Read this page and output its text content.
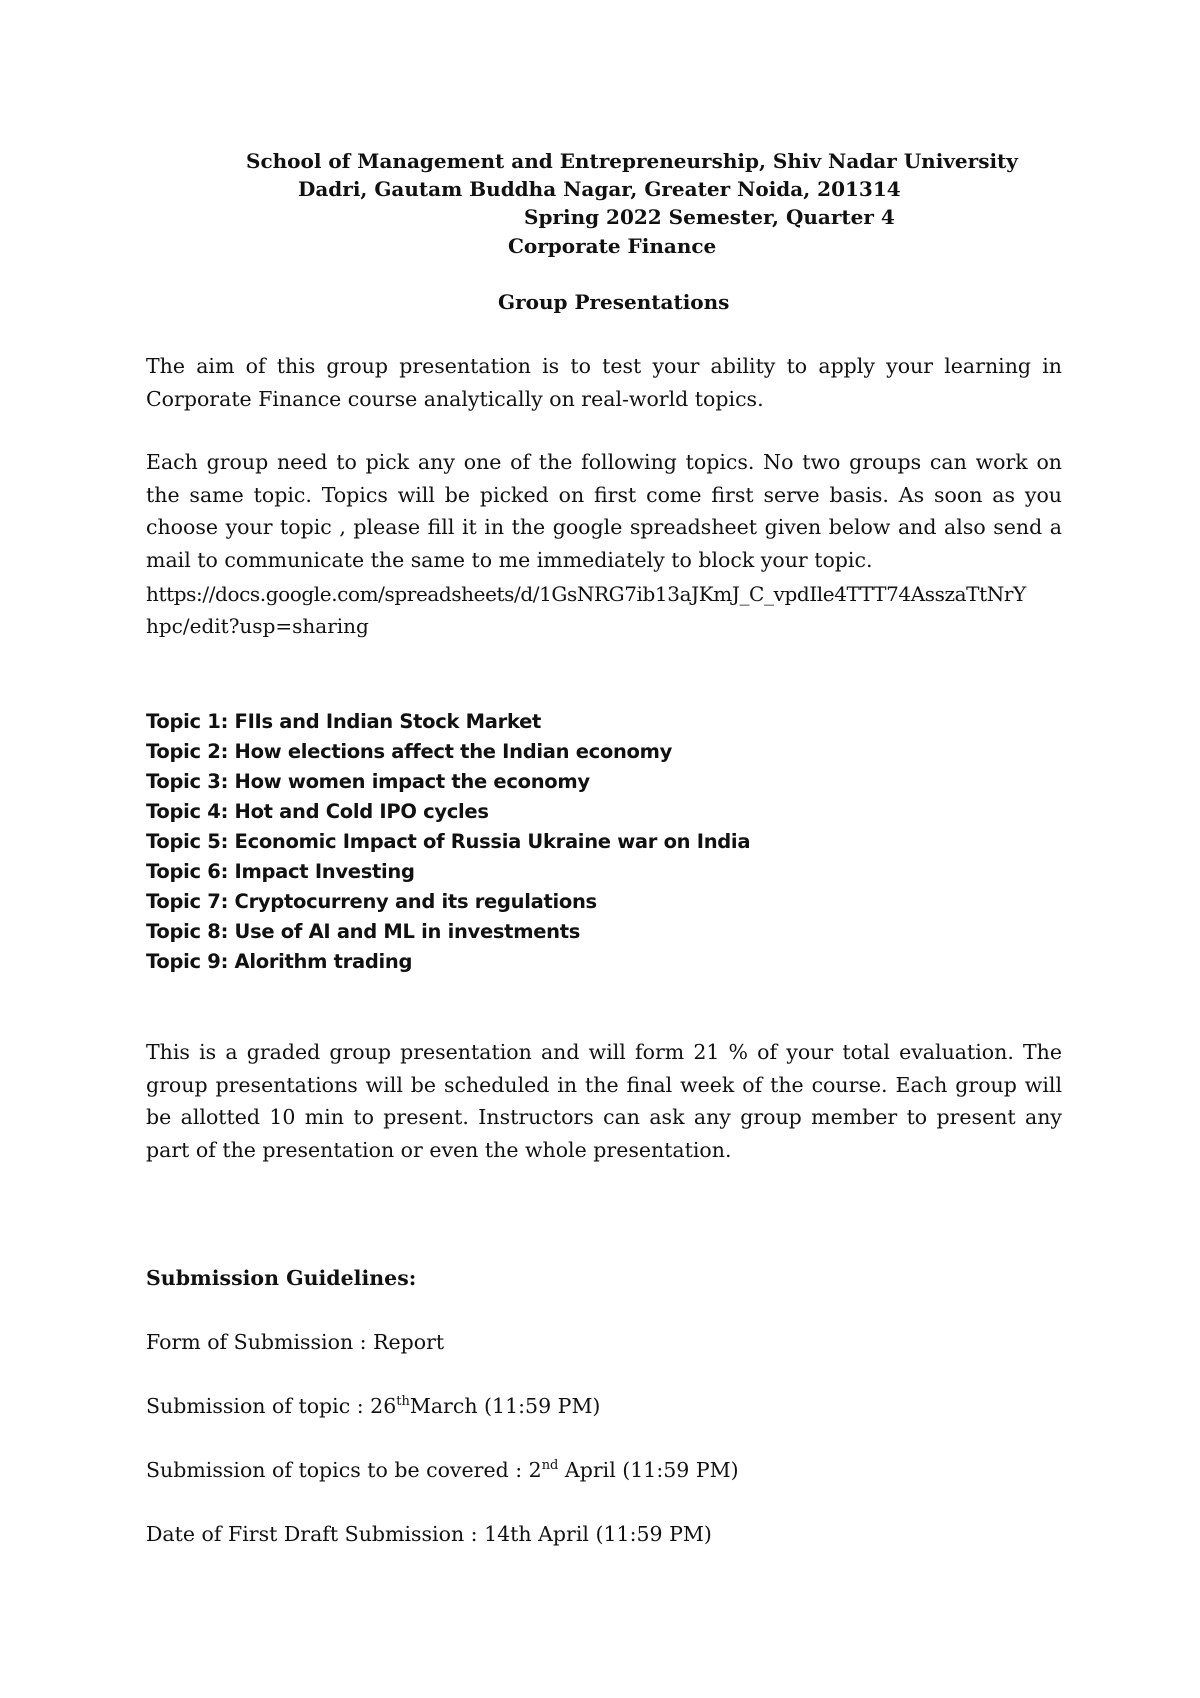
School of Management and Entrepreneurship, Shiv Nadar University
Dadri, Gautam Buddha Nagar, Greater Noida, 201314
Spring 2022 Semester, Quarter 4
Corporate Finance
Group Presentations

The aim of this group presentation is to test your ability to apply your learning in Corporate Finance course analytically on real-world topics.

Each group need to pick any one of the following topics. No two groups can work on the same topic. Topics will be picked on first come first serve basis. As soon as you choose your topic , please fill it in the google spreadsheet given below and also send a mail to communicate the same to me immediately to block your topic.

https://docs.google.com/spreadsheets/d/1GsNRG7ib13aJKmJ_C_vpdIle4TTT74AsszaTtNrY
hpc/edit?usp=sharing
Topic 1: FIIs and Indian Stock Market
Topic 2: How elections affect the Indian economy
Topic 3: How women impact the economy
Topic 4: Hot and Cold IPO cycles
Topic 5: Economic Impact of Russia Ukraine war on India
Topic 6: Impact Investing
Topic 7: Cryptocurreny and its regulations
Topic 8: Use of AI and ML in investments
Topic 9: Alorithm trading

This is a graded group presentation and will form 21 % of your total evaluation. The group presentations will be scheduled in the final week of the course. Each group will be allotted 10 min to present. Instructors can ask any group member to present any part of the presentation or even the whole presentation.

Submission Guidelines:
Form of Submission : Report
Submission of topic : 26thMarch (11:59 PM)
Submission of topics to be covered : 2nd April (11:59 PM)
Date of First Draft Submission : 14th April (11:59 PM)
